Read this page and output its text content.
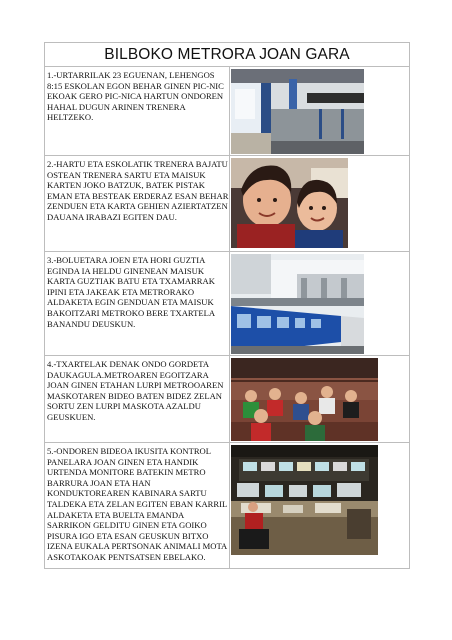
BILBOKO METRORA JOAN GARA
1.-URTARRILAK 23 EGUENAN, LEHENGOS 8:15 ESKOLAN EGON BEHAR GINEN PIC-NIC EKOAK GERO PIC-NICA HARTUN ONDOREN HAHAL DUGUN ARINEN TRENERA HELTZEKO.
2.-HARTU ETA ESKOLATIK TRENERA BAJATU OSTEAN TRENERA SARTU ETA MAISUK KARTEN JOKO BATZUK, BATEK PISTAK EMAN ETA BESTEAK ERDERAZ ESAN BEHAR ZENDUEN ETA KARTA GEHIEN AZIERTATZEN DAUANA IRABAZI EGITEN DAU.
3.-BOLUETARA JOEN ETA HORI GUZTIA EGINDA IA HELDU GINENEAN MAISUK KARTA GUZTIAK BATU ETA TXAMARRAK IPINI ETA JAKEAK ETA METRORAKO ALDAKETA EGIN GENDUAN ETA MAISUK BAKOITZARI METROKO BERE TXARTELA BANANDU DEUSKUN.
4.-TXARTELAK DENAK ONDO GORDETA DAUKAGULA.METROAREN EGOITZARA JOAN GINEN ETAHAN LURPI METROOAREN MASKOTAREN BIDEO BATEN BIDEZ ZELAN SORTU ZEN LURPI MASKOTA AZALDU GEUSKUEN.
5.-ONDOREN BIDEOA IKUSITA KONTROL PANELARA JOAN GINEN ETA HANDIK URTENDA MONITORE BATEKIN METRO BARRURA JOAN ETA HAN KONDUKTOREAREN KABINARA SARTU TALDEKA ETA ZELAN EGITEN EBAN KARRIL ALDAKETA ETA BUELTA EMANDA SARRIKON GELDITU GINEN ETA GOIKO PISURA IGO ETA ESAN GEUSKUN BITXO IZENA EUKALA PERTSONAK ANIMALI MOTA ASKOTAKOAK PENTSATSEN EBELAKO.
